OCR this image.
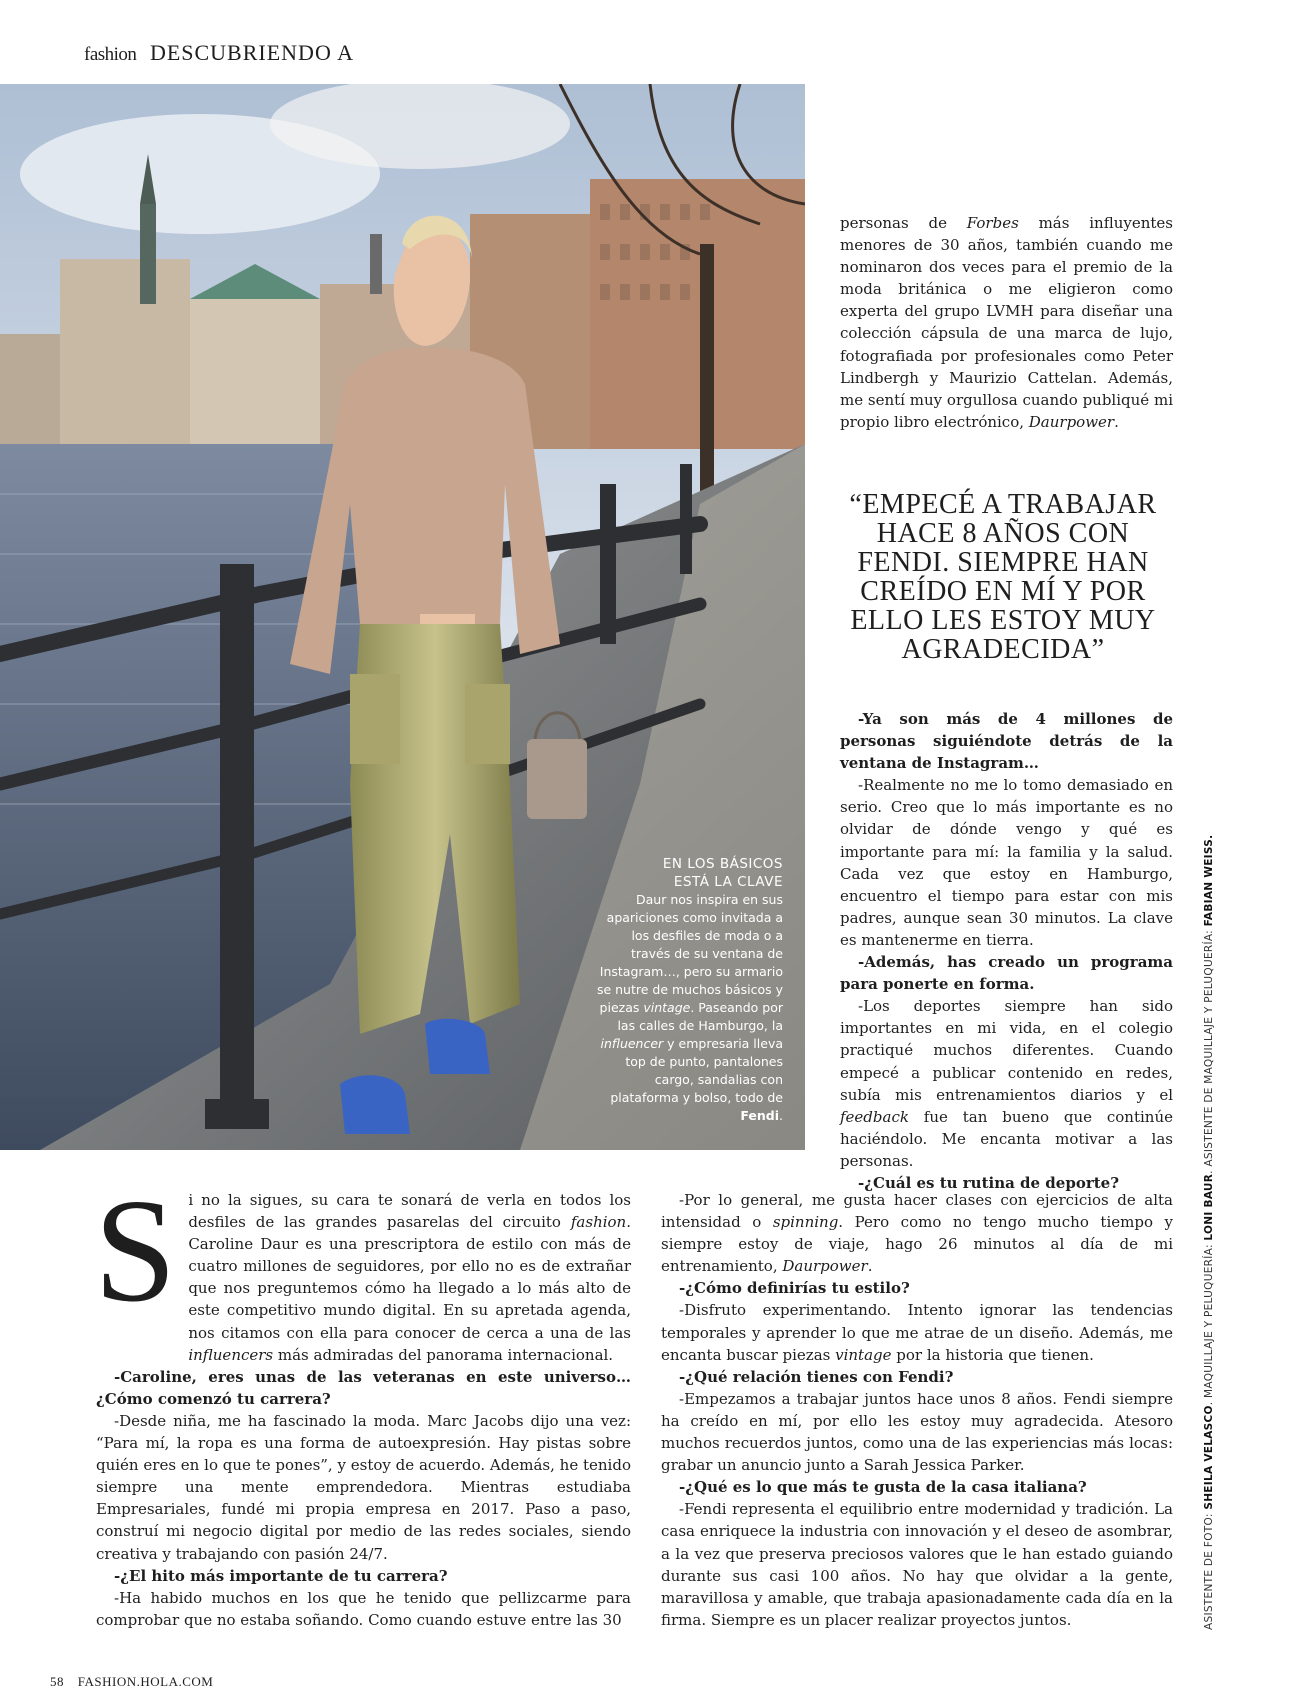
fashion DESCUBRIENDO A
EN LOS BÁSICOS
ESTÁ LA CLAVE
Daur nos inspira en sus apariciones como invitada a los desfiles de moda o a través de su ventana de Instagram…, pero su armario se nutre de muchos básicos y piezas vintage. Paseando por las calles de Hamburgo, la influencer y empresaria lleva top de punto, pantalones cargo, sandalias con plataforma y bolso, todo de Fendi.

personas de Forbes más influyentes menores de 30 años, también cuando me nominaron dos veces para el premio de la moda británica o me eligieron como experta del grupo LVMH para diseñar una colección cápsula de una marca de lujo, fotografiada por profesionales como Peter Lindbergh y Maurizio Cattelan. Además, me sentí muy orgullosa cuando publiqué mi propio libro electrónico, Daurpower.

“EMPECÉ A TRABAJAR HACE 8 AÑOS CON FENDI. SIEMPRE HAN CREÍDO EN MÍ Y POR ELLO LES ESTOY MUY AGRADECIDA”

-Ya son más de 4 millones de personas siguiéndote detrás de la ventana de Instagram…

-Realmente no me lo tomo demasiado en serio. Creo que lo más importante es no olvidar de dónde vengo y qué es importante para mí: la familia y la salud. Cada vez que estoy en Hamburgo, encuentro el tiempo para estar con mis padres, aunque sean 30 minutos. La clave es mantenerme en tierra.

-Además, has creado un programa para ponerte en forma.

-Los deportes siempre han sido importantes en mi vida, en el colegio practiqué muchos diferentes. Cuando empecé a publicar contenido en redes, subía mis entrenamientos diarios y el feedback fue tan bueno que continúe haciéndolo. Me encanta motivar a las personas.

-¿Cuál es tu rutina de deporte?

Si no la sigues, su cara te sonará de verla en todos los desfiles de las grandes pasarelas del circuito fashion. Caroline Daur es una prescriptora de estilo con más de cuatro millones de seguidores, por ello no es de extrañar que nos preguntemos cómo ha llegado a lo más alto de este competitivo mundo digital. En su apretada agenda, nos citamos con ella para conocer de cerca a una de las influencers más admiradas del panorama internacional.

-Caroline, eres unas de las veteranas en este universo… ¿Cómo comenzó tu carrera?

-Desde niña, me ha fascinado la moda. Marc Jacobs dijo una vez: “Para mí, la ropa es una forma de autoexpresión. Hay pistas sobre quién eres en lo que te pones”, y estoy de acuerdo. Además, he tenido siempre una mente emprendedora. Mientras estudiaba Empresariales, fundé mi propia empresa en 2017. Paso a paso, construí mi negocio digital por medio de las redes sociales, siendo creativa y trabajando con pasión 24/7.

-¿El hito más importante de tu carrera?

-Ha habido muchos en los que he tenido que pellizcarme para comprobar que no estaba soñando. Como cuando estuve entre las 30

-Por lo general, me gusta hacer clases con ejercicios de alta intensidad o spinning. Pero como no tengo mucho tiempo y siempre estoy de viaje, hago 26 minutos al día de mi entrenamiento, Daurpower.

-¿Cómo definirías tu estilo?

-Disfruto experimentando. Intento ignorar las tendencias temporales y aprender lo que me atrae de un diseño. Además, me encanta buscar piezas vintage por la historia que tienen.

-¿Qué relación tienes con Fendi?

-Empezamos a trabajar juntos hace unos 8 años. Fendi siempre ha creído en mí, por ello les estoy muy agradecida. Atesoro muchos recuerdos juntos, como una de las experiencias más locas: grabar un anuncio junto a Sarah Jessica Parker.

-¿Qué es lo que más te gusta de la casa italiana?

-Fendi representa el equilibrio entre modernidad y tradición. La casa enriquece la industria con innovación y el deseo de asombrar, a la vez que preserva preciosos valores que le han estado guiando durante sus casi 100 años. No hay que olvidar a la gente, maravillosa y amable, que trabaja apasionadamente cada día en la firma. Siempre es un placer realizar proyectos juntos.	ASISTENTE DE FOTO: SHEILA VELASCO. MAQUILLAJE Y PELUQUERÍA: LONI BAUR. ASISTENTE DE MAQUILLAJE Y PELUQUERÍA: FABIAN WEISS.
58 FASHION.HOLA.COM
